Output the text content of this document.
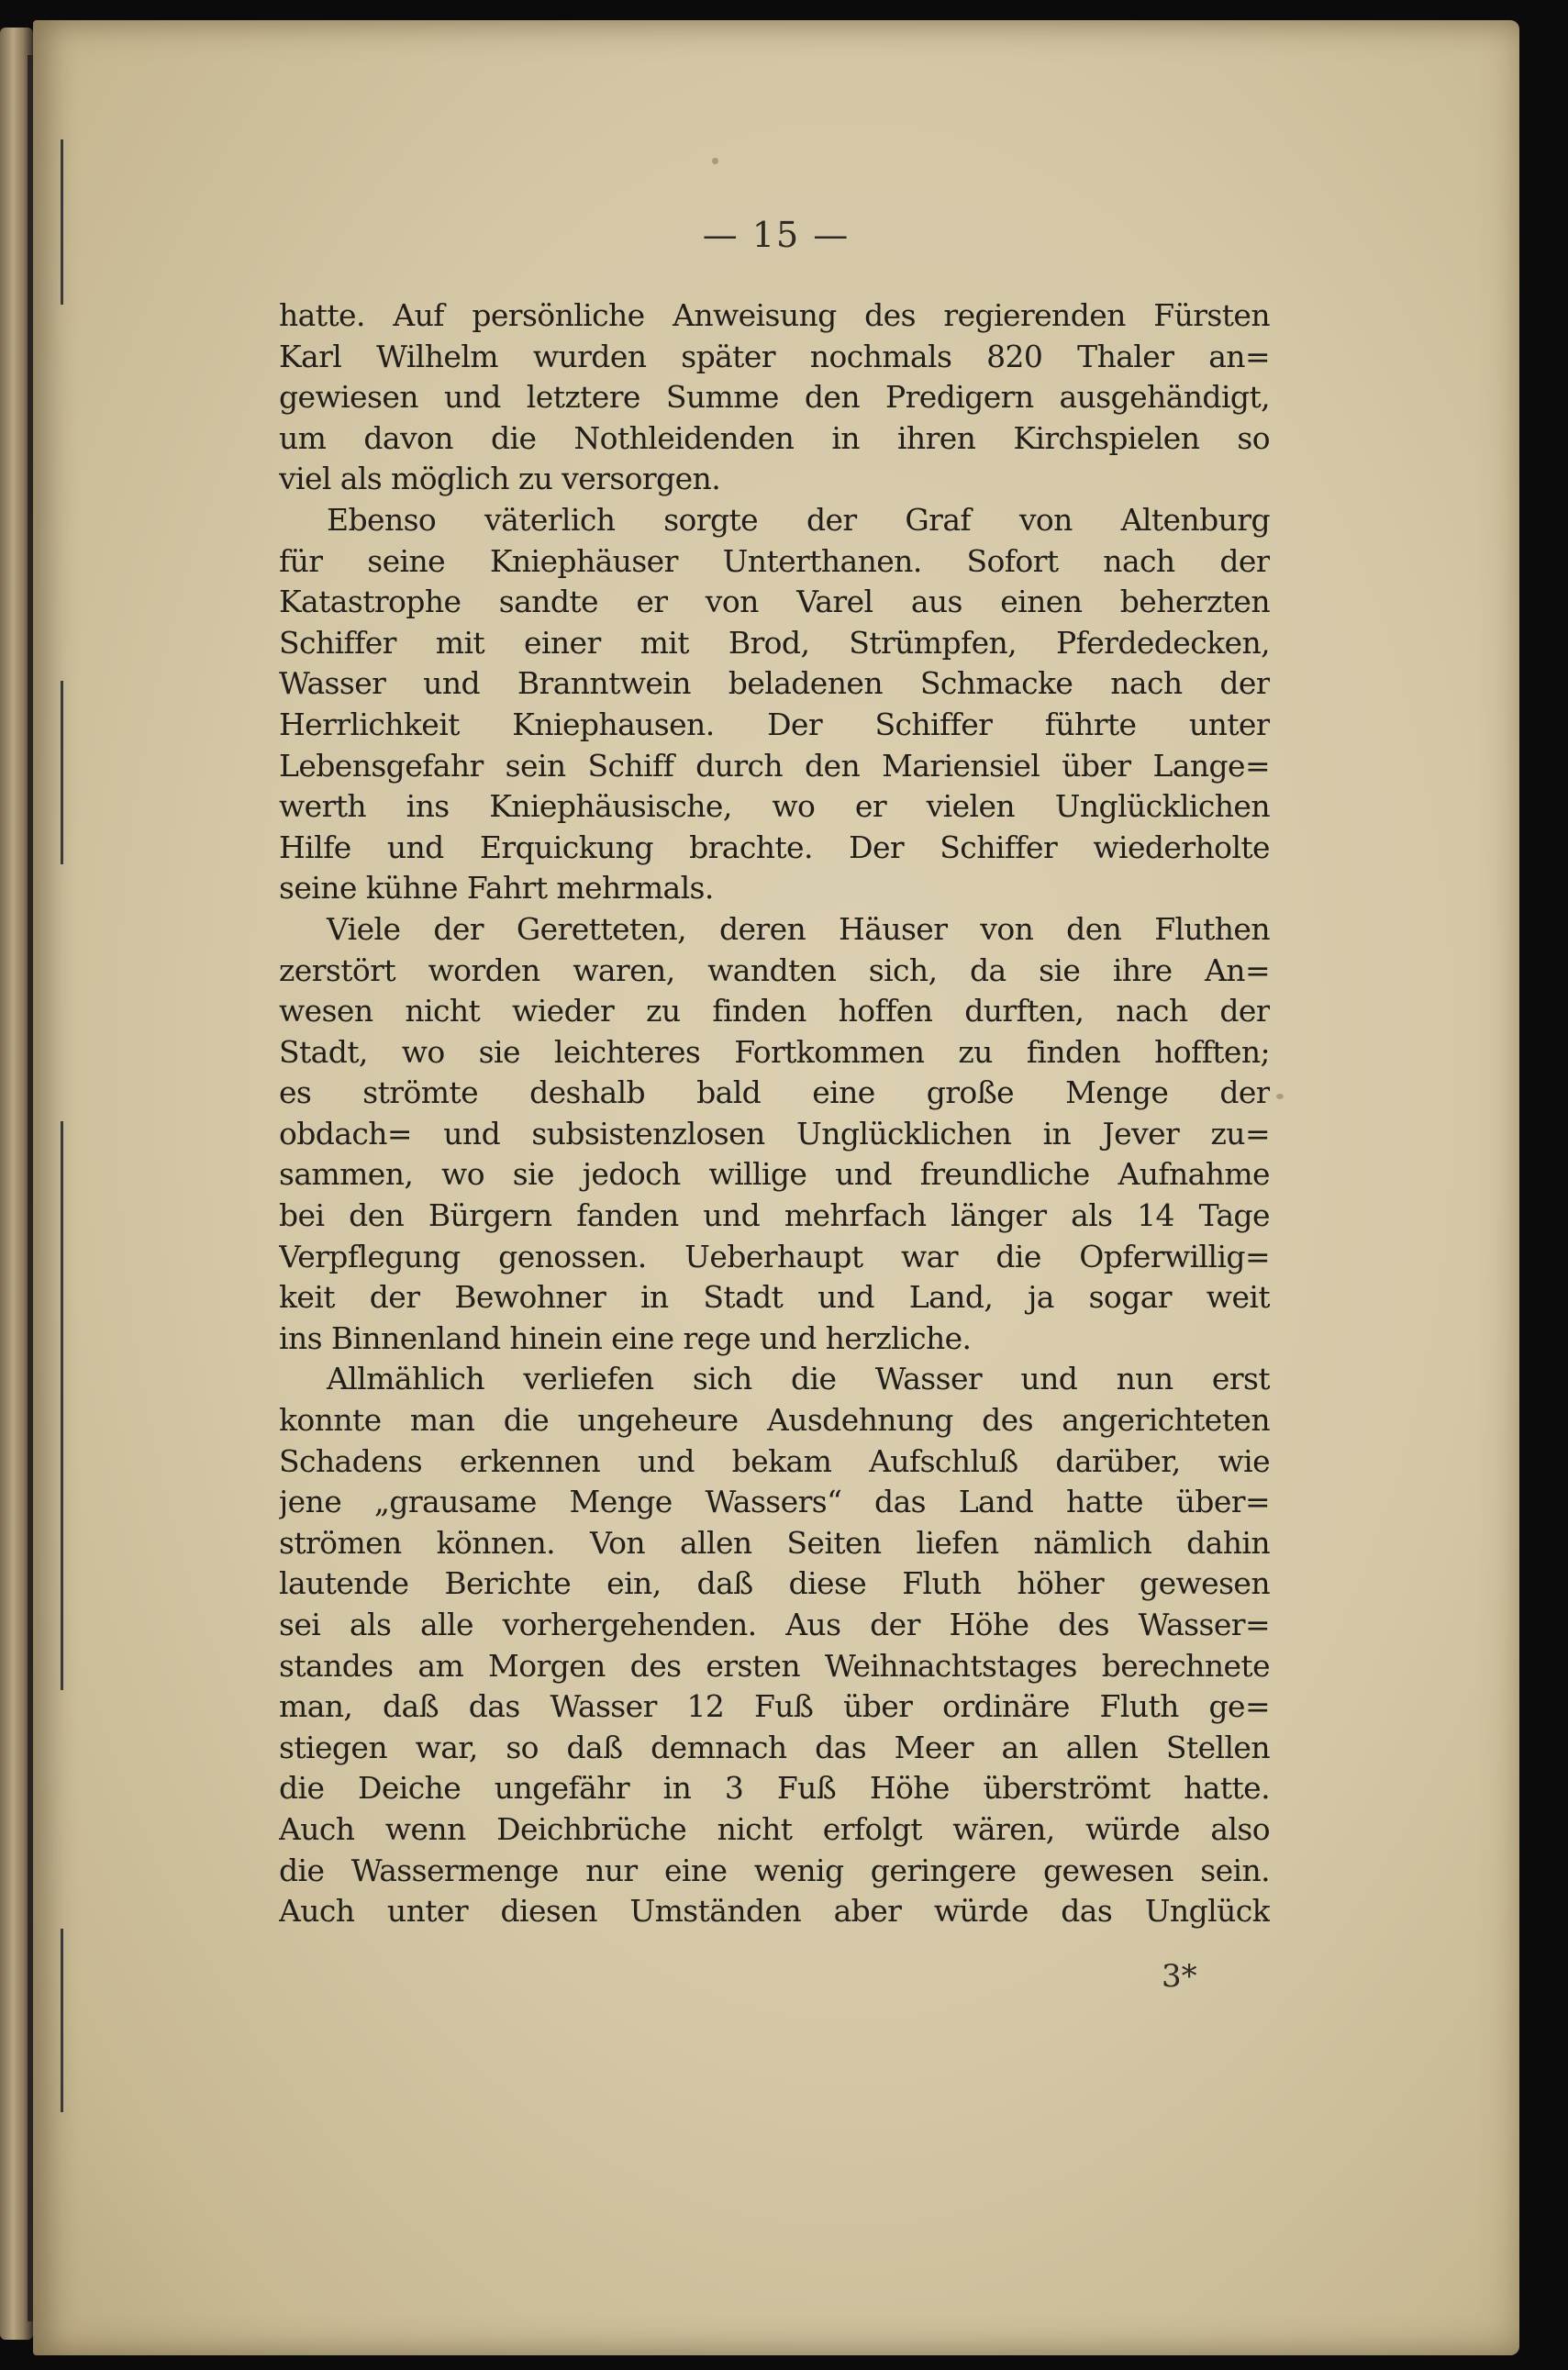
— 15 —
hatte. Auf persönliche Anweisung des regierenden Fürsten
Karl Wilhelm wurden später nochmals 820 Thaler an=
gewiesen und letztere Summe den Predigern ausgehändigt,
um davon die Nothleidenden in ihren Kirchspielen so
viel als möglich zu versorgen.
Ebenso väterlich sorgte der Graf von Altenburg
für seine Kniephäuser Unterthanen. Sofort nach der
Katastrophe sandte er von Varel aus einen beherzten
Schiffer mit einer mit Brod, Strümpfen, Pferdedecken,
Wasser und Branntwein beladenen Schmacke nach der
Herrlichkeit Kniephausen. Der Schiffer führte unter
Lebensgefahr sein Schiff durch den Mariensiel über Lange=
werth ins Kniephäusische, wo er vielen Unglücklichen
Hilfe und Erquickung brachte. Der Schiffer wiederholte
seine kühne Fahrt mehrmals.
Viele der Geretteten, deren Häuser von den Fluthen
zerstört worden waren, wandten sich, da sie ihre An=
wesen nicht wieder zu finden hoffen durften, nach der
Stadt, wo sie leichteres Fortkommen zu finden hofften;
es strömte deshalb bald eine große Menge der
obdach= und subsistenzlosen Unglücklichen in Jever zu=
sammen, wo sie jedoch willige und freundliche Aufnahme
bei den Bürgern fanden und mehrfach länger als 14 Tage
Verpflegung genossen. Ueberhaupt war die Opferwillig=
keit der Bewohner in Stadt und Land, ja sogar weit
ins Binnenland hinein eine rege und herzliche.
Allmählich verliefen sich die Wasser und nun erst
konnte man die ungeheure Ausdehnung des angerichteten
Schadens erkennen und bekam Aufschluß darüber, wie
jene „grausame Menge Wassers“ das Land hatte über=
strömen können. Von allen Seiten liefen nämlich dahin
lautende Berichte ein, daß diese Fluth höher gewesen
sei als alle vorhergehenden. Aus der Höhe des Wasser=
standes am Morgen des ersten Weihnachtstages berechnete
man, daß das Wasser 12 Fuß über ordinäre Fluth ge=
stiegen war, so daß demnach das Meer an allen Stellen
die Deiche ungefähr in 3 Fuß Höhe überströmt hatte.
Auch wenn Deichbrüche nicht erfolgt wären, würde also
die Wassermenge nur eine wenig geringere gewesen sein.
Auch unter diesen Umständen aber würde das Unglück
3*
